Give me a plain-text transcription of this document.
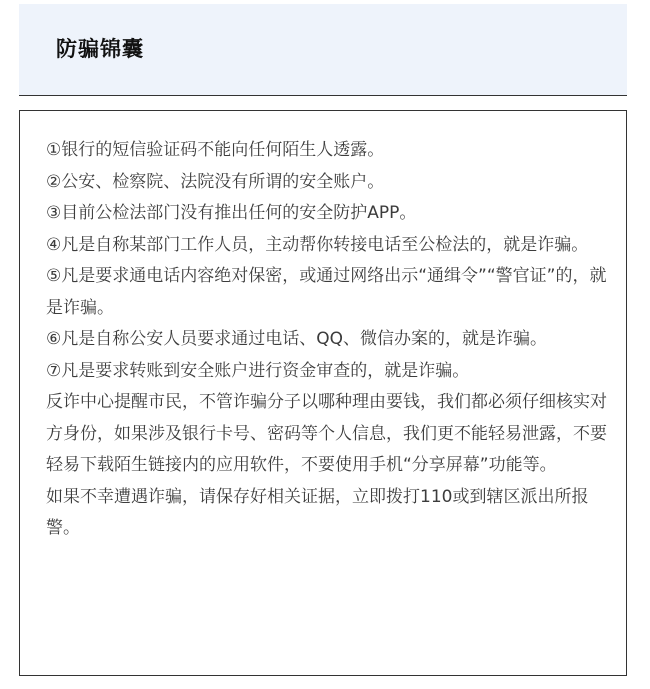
防骗锦囊

①银行的短信验证码不能向任何陌生人透露。

②公安、检察院、法院没有所谓的安全账户。

③目前公检法部门没有推出任何的安全防护APP。

④凡是自称某部门工作人员，主动帮你转接电话至公检法的，就是诈骗。

⑤凡是要求通电话内容绝对保密，或通过网络出示“通缉令”“警官证”的，就是诈骗。

⑥凡是自称公安人员要求通过电话、QQ、微信办案的，就是诈骗。

⑦凡是要求转账到安全账户进行资金审查的，就是诈骗。

反诈中心提醒市民，不管诈骗分子以哪种理由要钱，我们都必须仔细核实对方身份，如果涉及银行卡号、密码等个人信息，我们更不能轻易泄露，不要轻易下载陌生链接内的应用软件，不要使用手机“分享屏幕”功能等。

如果不幸遭遇诈骗，请保存好相关证据，立即拨打110或到辖区派出所报警。
